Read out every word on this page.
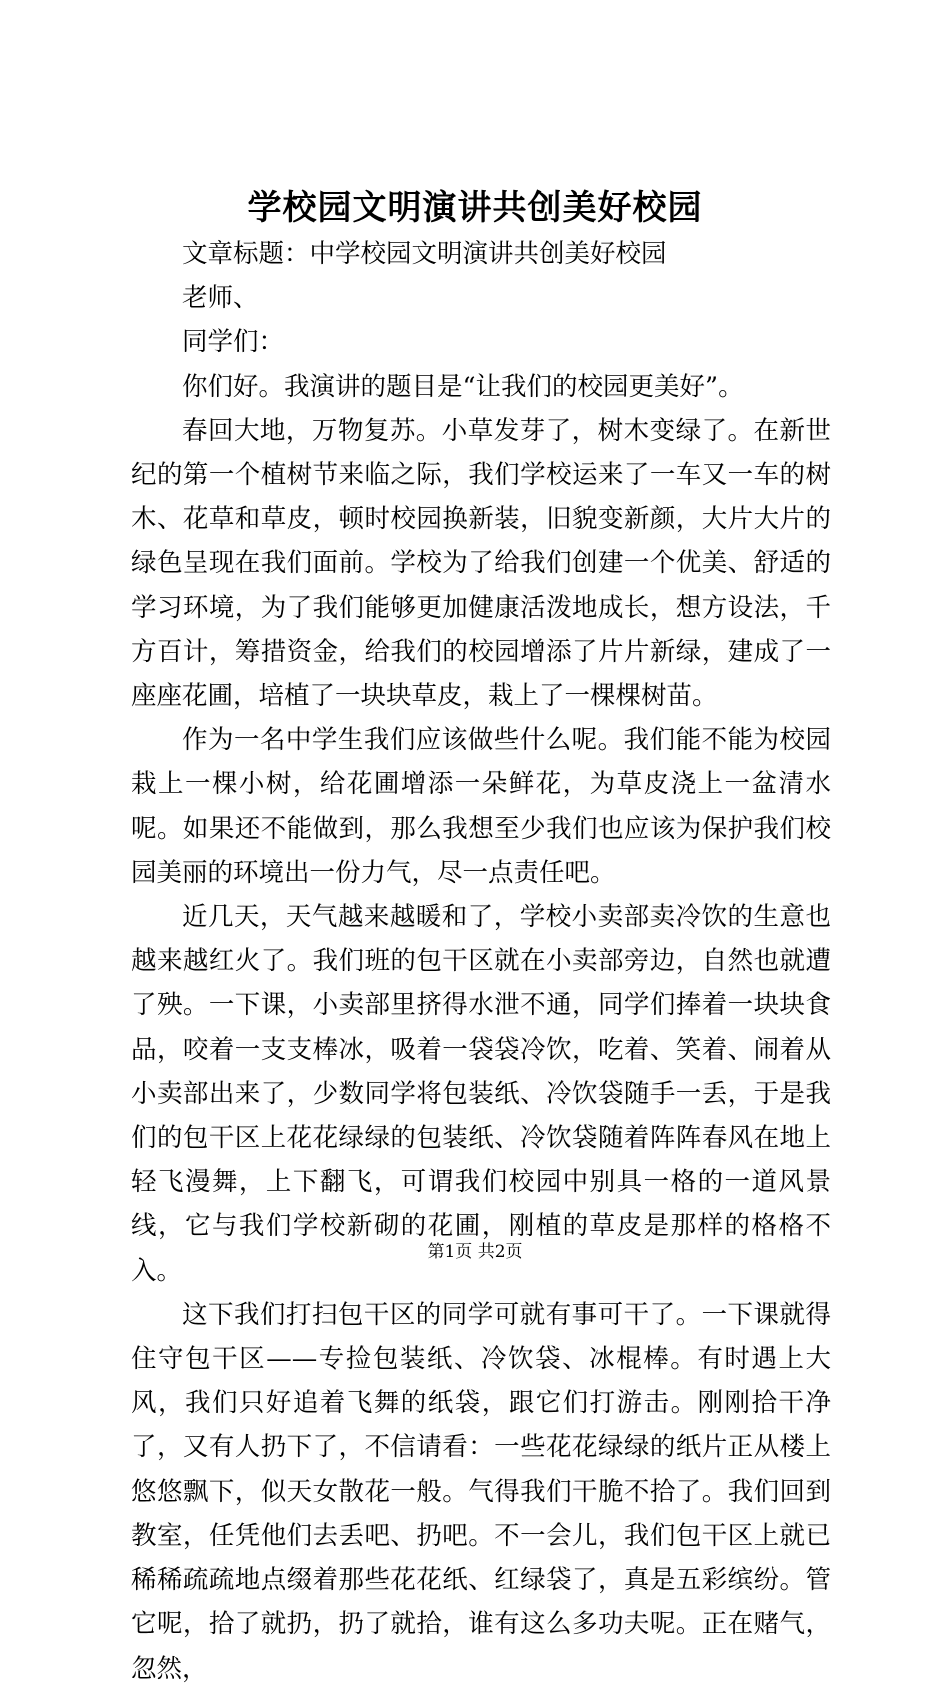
学校园文明演讲共创美好校园

文章标题：中学校园文明演讲共创美好校园

老师、

同学们：

你们好。我演讲的题目是“让我们的校园更美好”。

春回大地，万物复苏。小草发芽了，树木变绿了。在新世纪的第一个植树节来临之际，我们学校运来了一车又一车的树木、花草和草皮，顿时校园换新装，旧貌变新颜，大片大片的绿色呈现在我们面前。学校为了给我们创建一个优美、舒适的学习环境，为了我们能够更加健康活泼地成长，想方设法，千方百计，筹措资金，给我们的校园增添了片片新绿，建成了一座座花圃，培植了一块块草皮，栽上了一棵棵树苗。

作为一名中学生我们应该做些什么呢。我们能不能为校园栽上一棵小树，给花圃增添一朵鲜花，为草皮浇上一盆清水呢。如果还不能做到，那么我想至少我们也应该为保护我们校园美丽的环境出一份力气，尽一点责任吧。

近几天，天气越来越暖和了，学校小卖部卖冷饮的生意也越来越红火了。我们班的包干区就在小卖部旁边，自然也就遭了殃。一下课，小卖部里挤得水泄不通，同学们捧着一块块食品，咬着一支支棒冰，吸着一袋袋冷饮，吃着、笑着、闹着从小卖部出来了，少数同学将包装纸、冷饮袋随手一丢，于是我们的包干区上花花绿绿的包装纸、冷饮袋随着阵阵春风在地上轻飞漫舞，上下翻飞，可谓我们校园中别具一格的一道风景线，它与我们学校新砌的花圃，刚植的草皮是那样的格格不入。

这下我们打扫包干区的同学可就有事可干了。一下课就得住守包干区——专捡包装纸、冷饮袋、冰棍棒。有时遇上大风，我们只好追着飞舞的纸袋，跟它们打游击。刚刚拾干净了，又有人扔下了，不信请看：一些花花绿绿的纸片正从楼上悠悠飘下，似天女散花一般。气得我们干脆不拾了。我们回到教室，任凭他们去丢吧、扔吧。不一会儿，我们包干区上就已稀稀疏疏地点缀着那些花花纸、红绿袋了，真是五彩缤纷。管它呢，拾了就扔，扔了就拾，谁有这么多功夫呢。正在赌气，忽然，

第1页 共2页
